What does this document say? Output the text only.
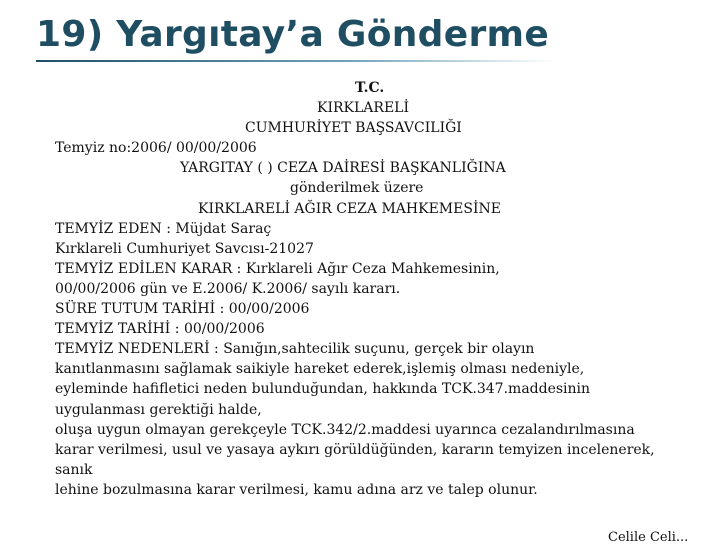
19) Yargıtay’a Gönderme

T.C.

KIRKLARELİ

CUMHURİYET BAŞSAVCILIĞI

Temyiz no:2006/ 00/00/2006

YARGITAY ( ) CEZA DAİRESİ BAŞKANLIĞINA

gönderilmek üzere

KIRKLARELİ AĞIR CEZA MAHKEMESİNE

TEMYİZ EDEN : Müjdat Saraç

Kırklareli Cumhuriyet Savcısı-21027

TEMYİZ EDİLEN KARAR : Kırklareli Ağır Ceza Mahkemesinin,

00/00/2006 gün ve E.2006/ K.2006/ sayılı kararı.

SÜRE TUTUM TARİHİ : 00/00/2006

TEMYİZ TARİHİ : 00/00/2006

TEMYİZ NEDENLERİ : Sanığın,sahtecilik suçunu, gerçek bir olayın

kanıtlanmasını sağlamak saikiyle hareket ederek,işlemiş olması nedeniyle,

eyleminde hafifletici neden bulunduğundan, hakkında TCK.347.maddesinin

uygulanması gerektiği halde,

oluşa uygun olmayan gerekçeyle TCK.342/2.maddesi uyarınca cezalandırılmasına

karar verilmesi, usul ve yasaya aykırı görüldüğünden, kararın temyizen incelenerek,

sanık

lehine bozulmasına karar verilmesi, kamu adına arz ve talep olunur.

Celile Celi...
